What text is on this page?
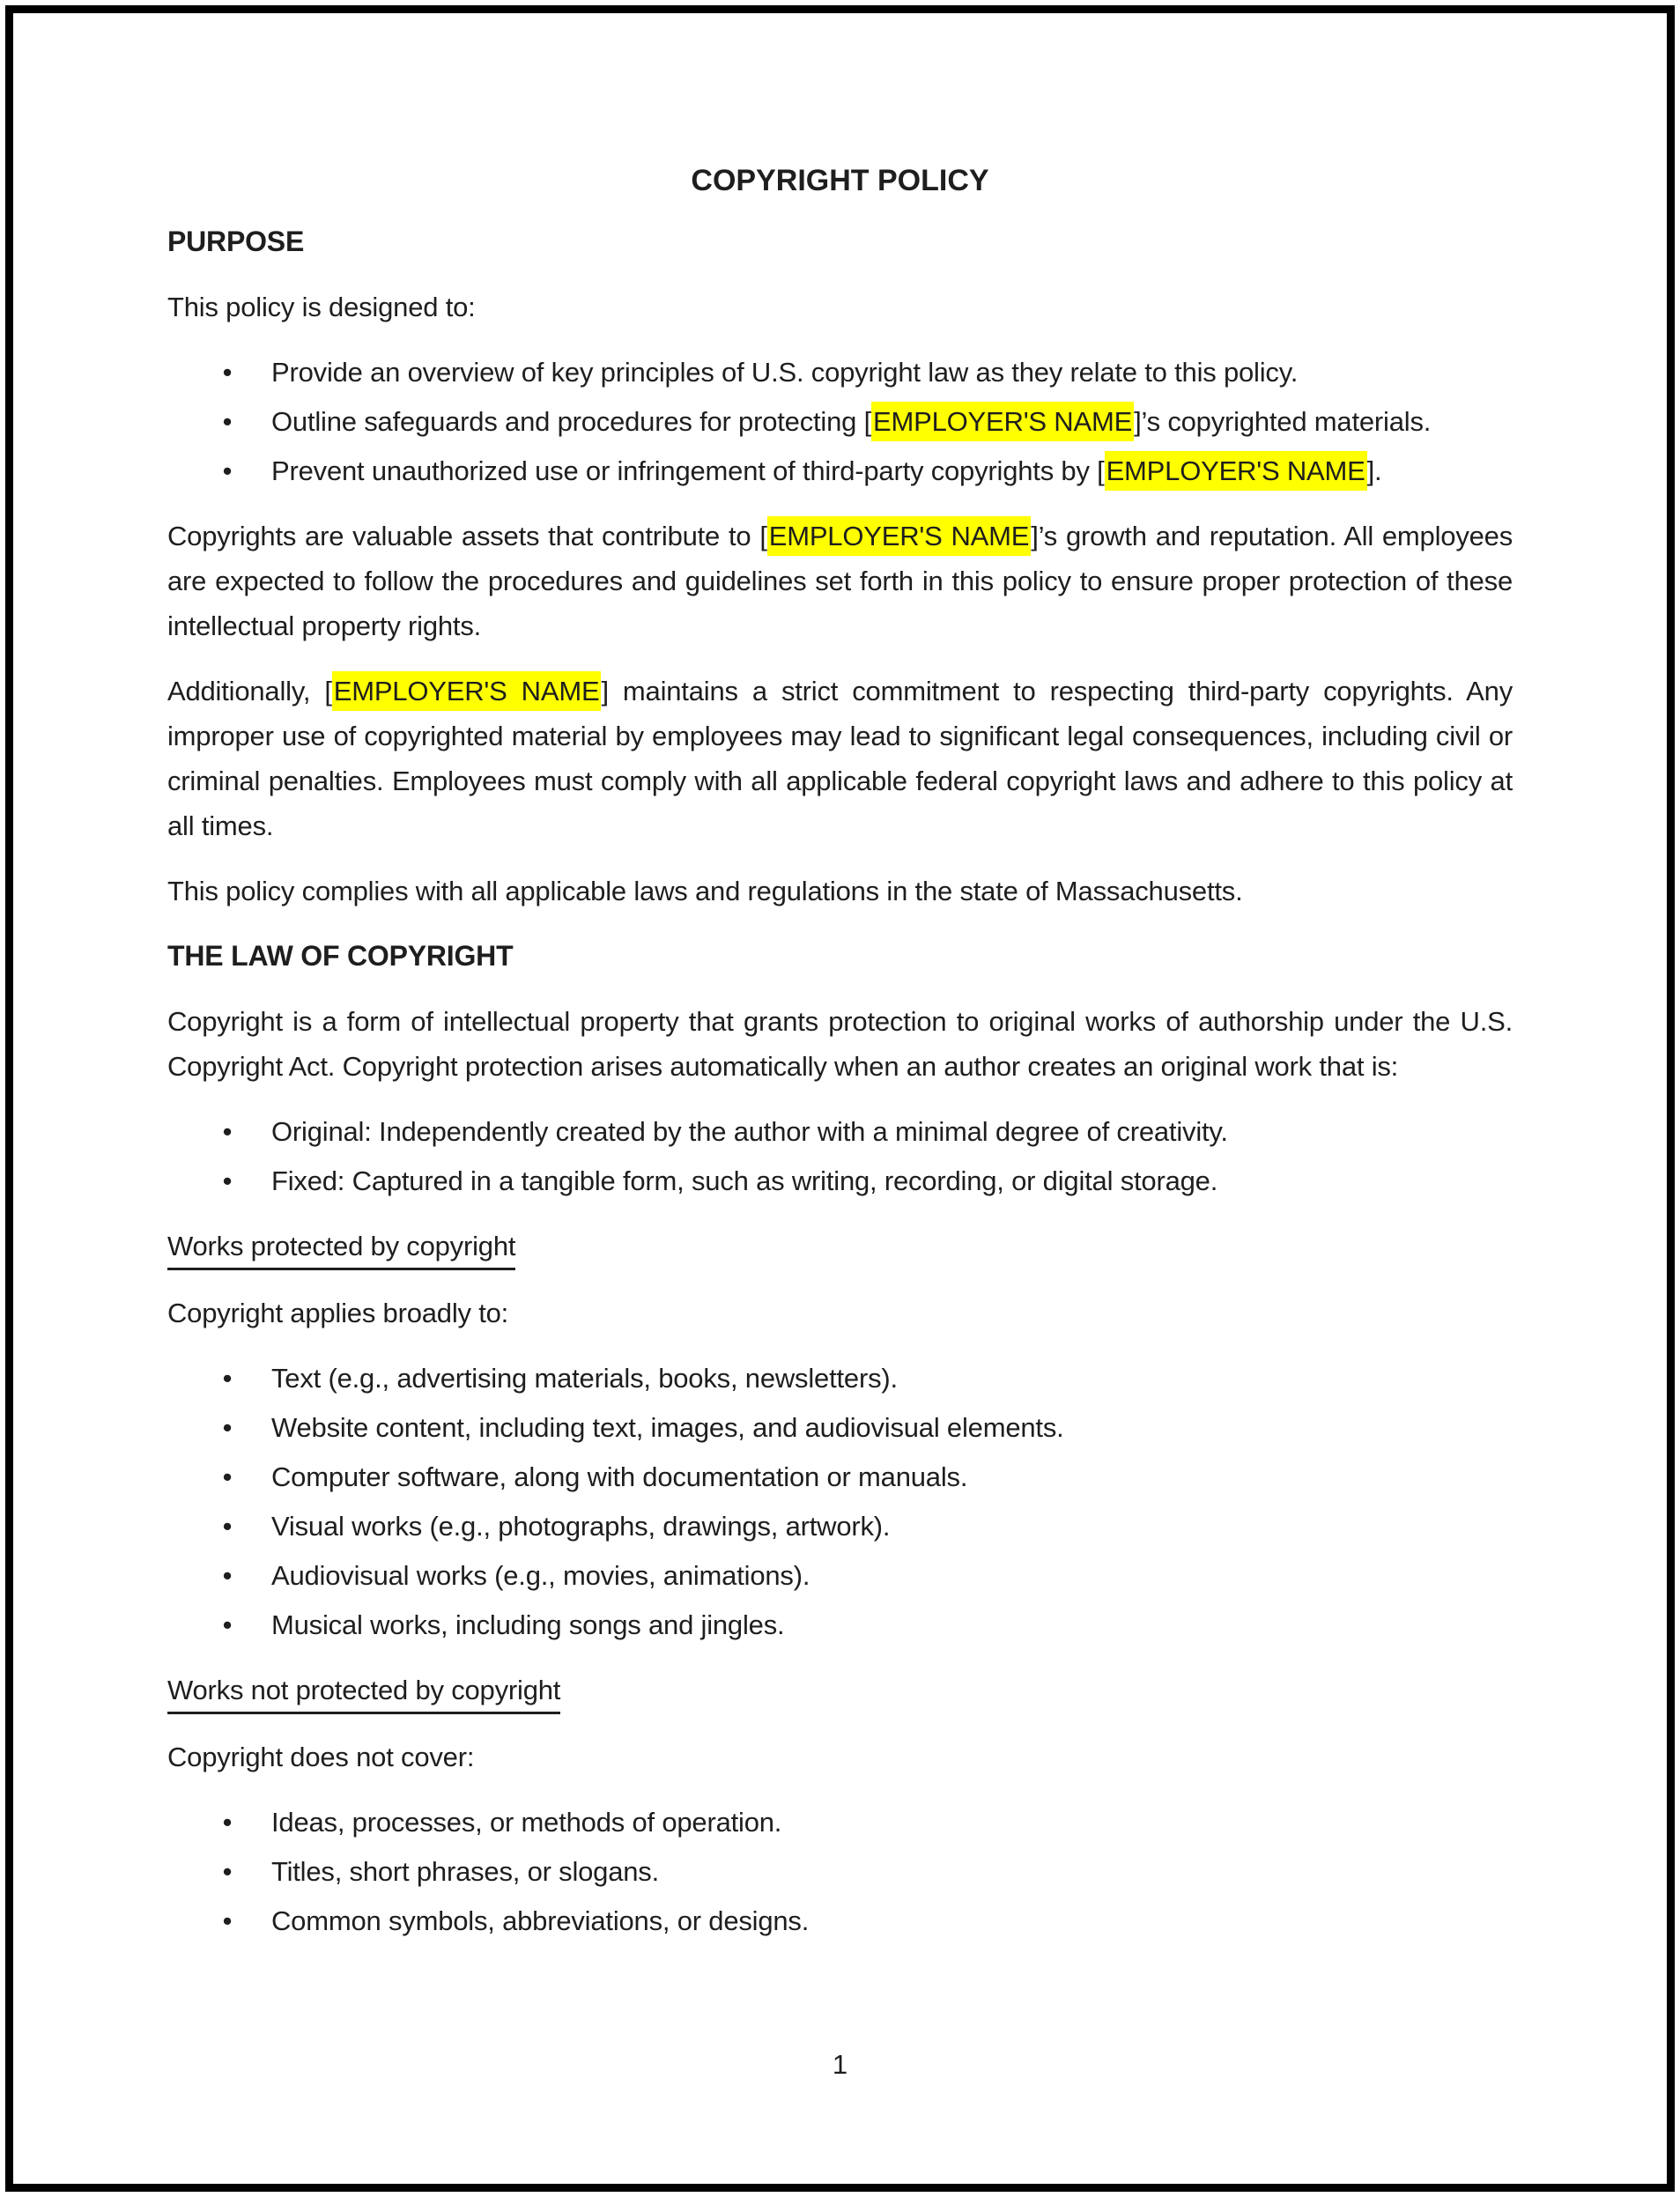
COPYRIGHT POLICY
PURPOSE
This policy is designed to:
• Provide an overview of key principles of U.S. copyright law as they relate to this policy.
• Outline safeguards and procedures for protecting [EMPLOYER'S NAME]’s copyrighted materials.
• Prevent unauthorized use or infringement of third-party copyrights by [EMPLOYER'S NAME].
Copyrights are valuable assets that contribute to [EMPLOYER'S NAME]’s growth and reputation. All employees are expected to follow the procedures and guidelines set forth in this policy to ensure proper protection of these intellectual property rights.
Additionally, [EMPLOYER'S NAME] maintains a strict commitment to respecting third-party copyrights. Any improper use of copyrighted material by employees may lead to significant legal consequences, including civil or criminal penalties. Employees must comply with all applicable federal copyright laws and adhere to this policy at all times.
This policy complies with all applicable laws and regulations in the state of Massachusetts.
THE LAW OF COPYRIGHT
Copyright is a form of intellectual property that grants protection to original works of authorship under the U.S. Copyright Act. Copyright protection arises automatically when an author creates an original work that is:
• Original: Independently created by the author with a minimal degree of creativity.
• Fixed: Captured in a tangible form, such as writing, recording, or digital storage.
Works protected by copyright
Copyright applies broadly to:
• Text (e.g., advertising materials, books, newsletters).
• Website content, including text, images, and audiovisual elements.
• Computer software, along with documentation or manuals.
• Visual works (e.g., photographs, drawings, artwork).
• Audiovisual works (e.g., movies, animations).
• Musical works, including songs and jingles.
Works not protected by copyright
Copyright does not cover:
• Ideas, processes, or methods of operation.
• Titles, short phrases, or slogans.
• Common symbols, abbreviations, or designs.
1
